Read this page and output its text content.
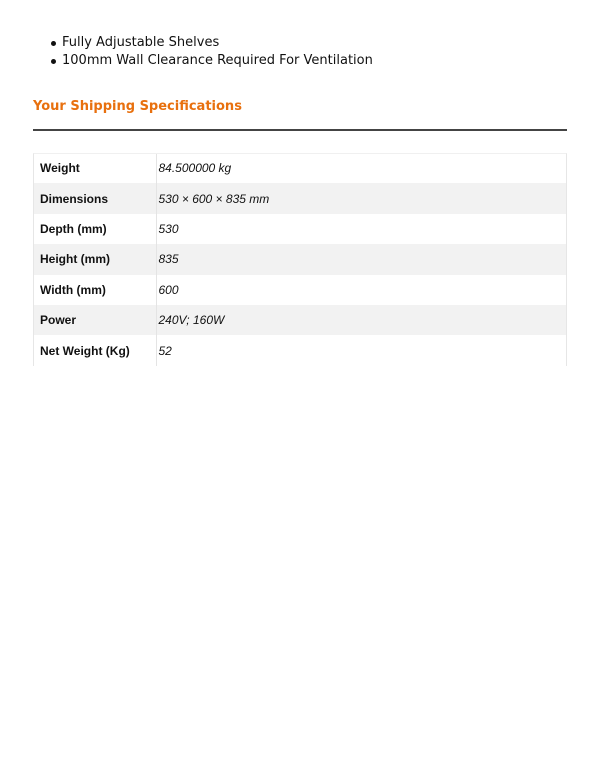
Fully Adjustable Shelves
100mm Wall Clearance Required For Ventilation
Your Shipping Specifications
Weight	84.500000 kg
Dimensions	530 × 600 × 835 mm
Depth (mm)	530
Height (mm)	835
Width (mm)	600
Power	240V; 160W
Net Weight (Kg)	52
